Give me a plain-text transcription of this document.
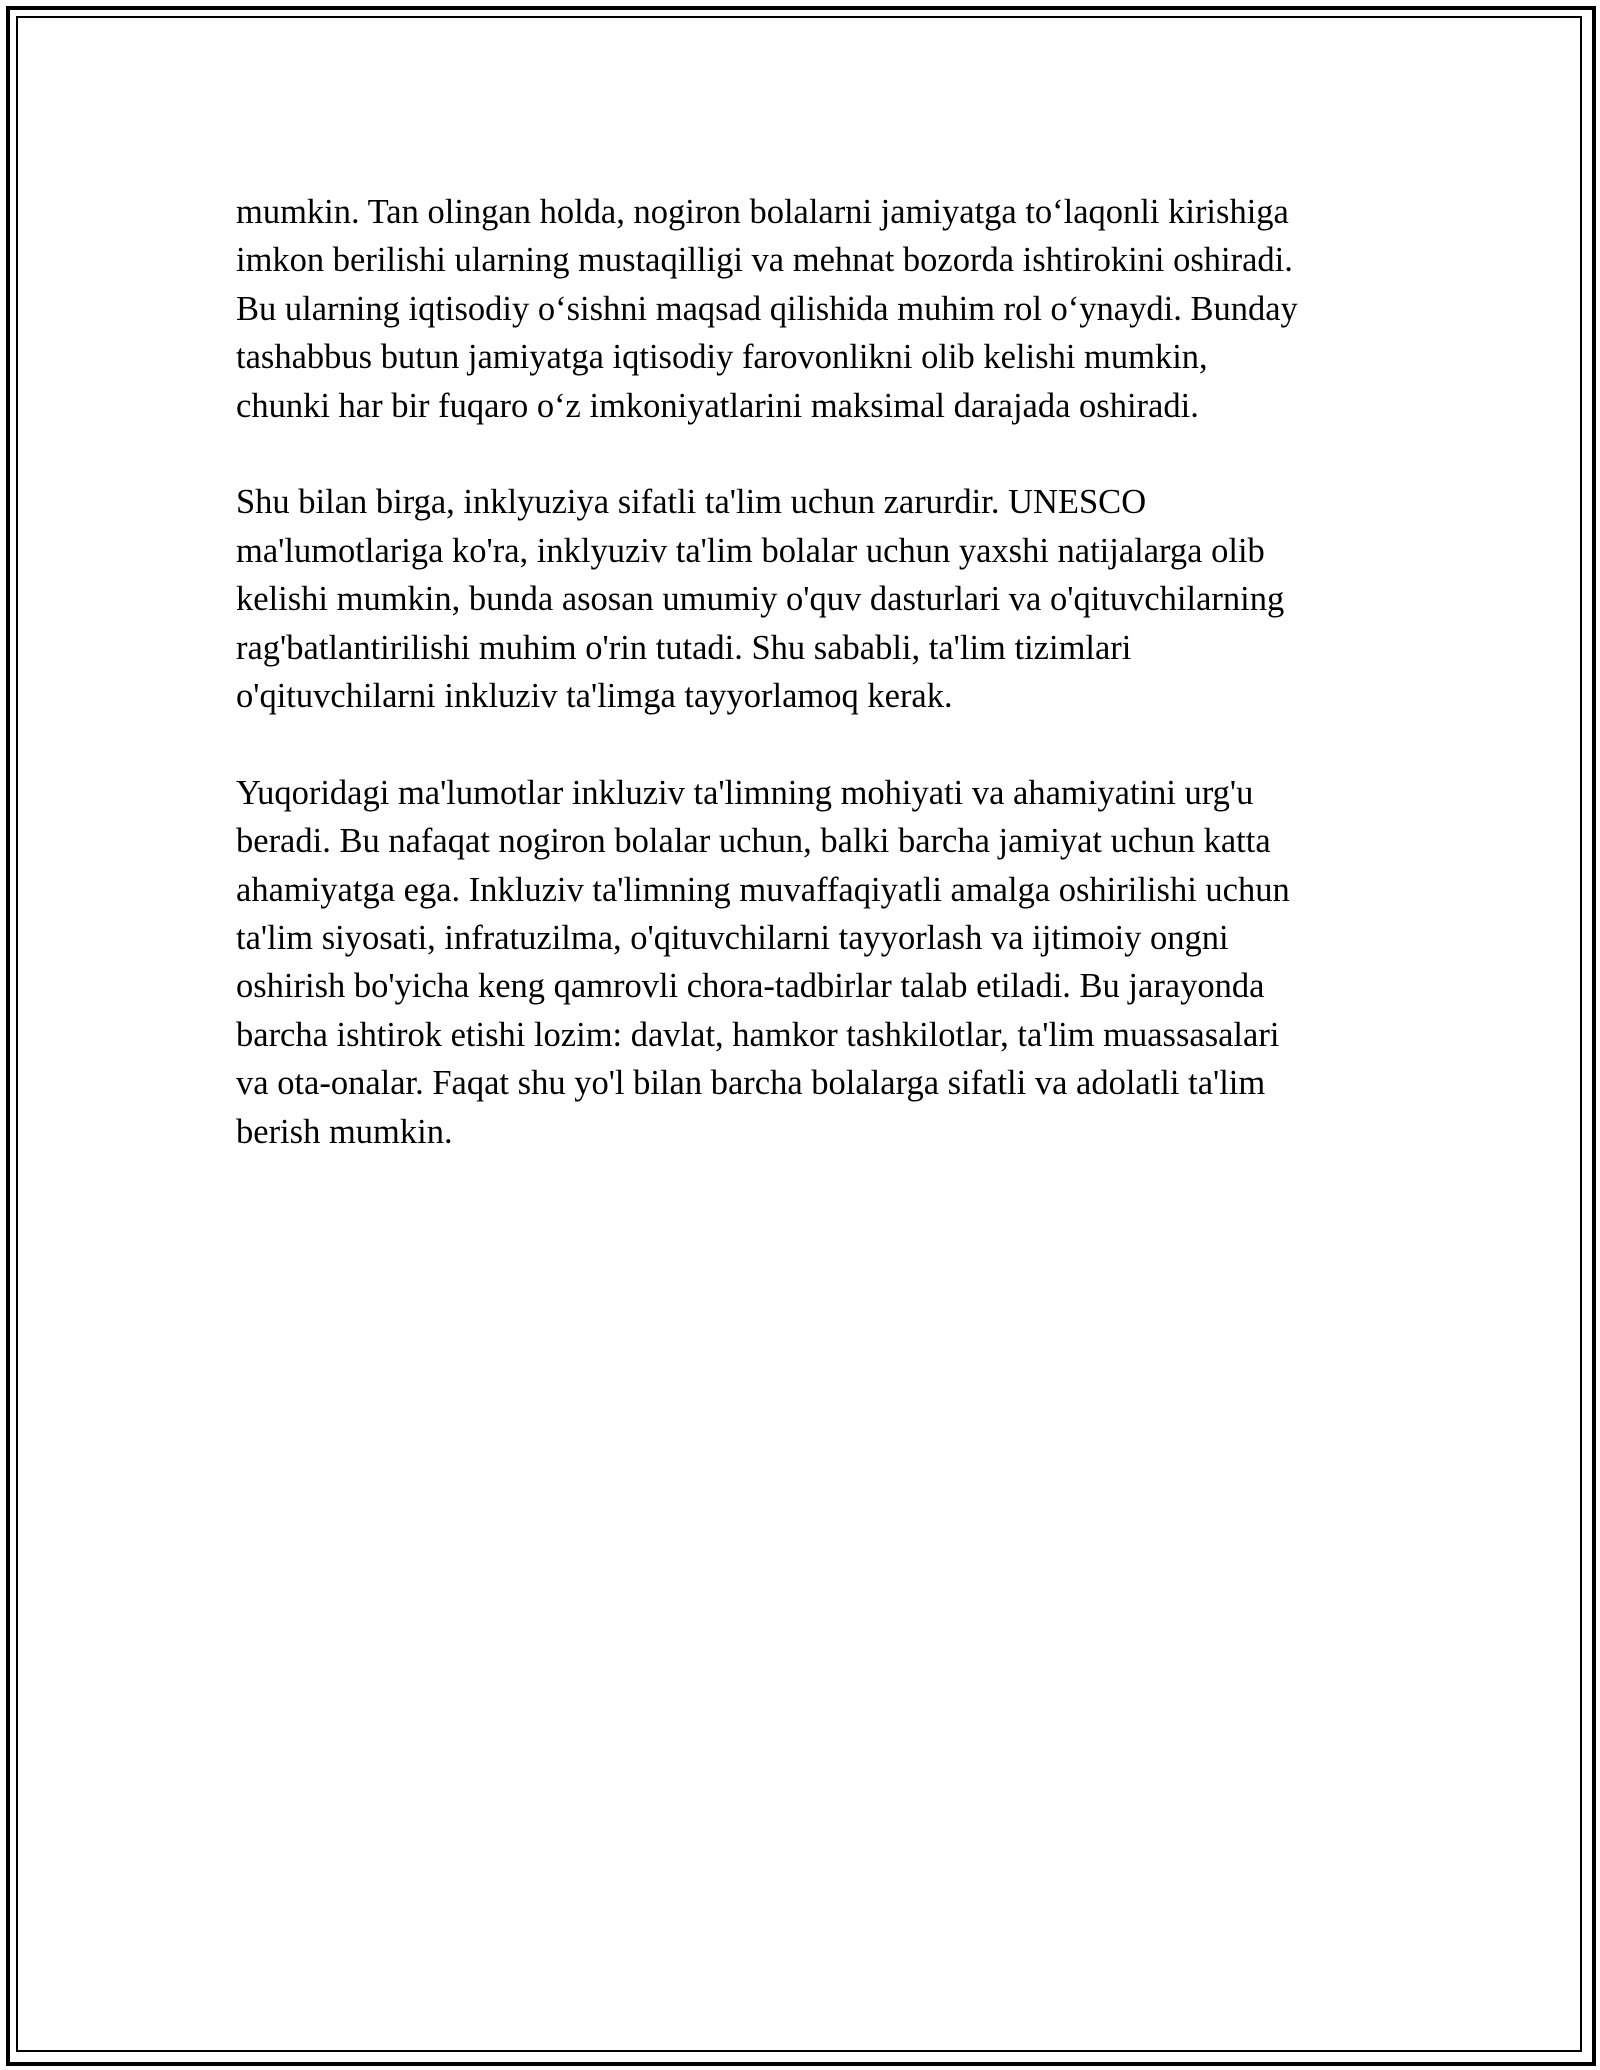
mumkin. Tan olingan holda, nogiron bolalarni jamiyatga to‘laqonli kirishiga
imkon berilishi ularning mustaqilligi va mehnat bozorda ishtirokini oshiradi.
Bu ularning iqtisodiy o‘sishni maqsad qilishida muhim rol o‘ynaydi. Bunday
tashabbus butun jamiyatga iqtisodiy farovonlikni olib kelishi mumkin,
chunki har bir fuqaro o‘z imkoniyatlarini maksimal darajada oshiradi.

Shu bilan birga, inklyuziya sifatli ta'lim uchun zarurdir. UNESCO
ma'lumotlariga ko'ra, inklyuziv ta'lim bolalar uchun yaxshi natijalarga olib
kelishi mumkin, bunda asosan umumiy o'quv dasturlari va o'qituvchilarning
rag'batlantirilishi muhim o'rin tutadi. Shu sababli, ta'lim tizimlari
o'qituvchilarni inkluziv ta'limga tayyorlamoq kerak.

Yuqoridagi ma'lumotlar inkluziv ta'limning mohiyati va ahamiyatini urg'u
beradi. Bu nafaqat nogiron bolalar uchun, balki barcha jamiyat uchun katta
ahamiyatga ega. Inkluziv ta'limning muvaffaqiyatli amalga oshirilishi uchun
ta'lim siyosati, infratuzilma, o'qituvchilarni tayyorlash va ijtimoiy ongni
oshirish bo'yicha keng qamrovli chora-tadbirlar talab etiladi. Bu jarayonda
barcha ishtirok etishi lozim: davlat, hamkor tashkilotlar, ta'lim muassasalari
va ota-onalar. Faqat shu yo'l bilan barcha bolalarga sifatli va adolatli ta'lim
berish mumkin.
